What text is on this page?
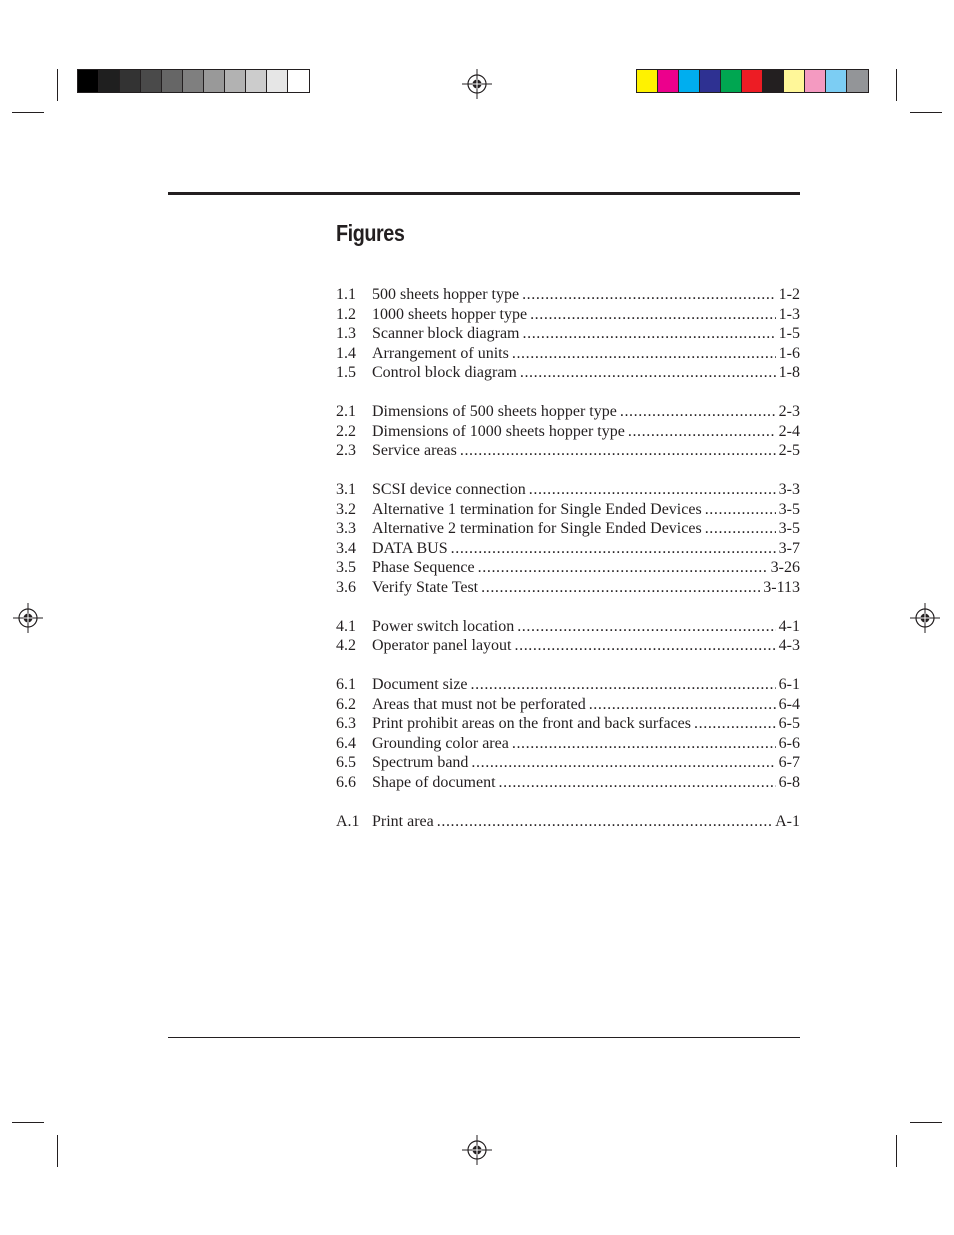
Figures
1.1	500 sheets hopper type .....	1-2
1.2	1000 sheets hopper type .....	1-3
1.3	Scanner block diagram .....	1-5
1.4	Arrangement of units .....	1-6
1.5	Control block diagram .....	1-8
2.1	Dimensions of 500 sheets hopper type .....	2-3
2.2	Dimensions of 1000 sheets hopper type .....	2-4
2.3	Service areas .....	2-5
3.1	SCSI device connection .....	3-3
3.2	Alternative 1 termination for Single Ended Devices .....	3-5
3.3	Alternative 2 termination for Single Ended Devices .....	3-5
3.4	DATA BUS .....	3-7
3.5	Phase Sequence .....	3-26
3.6	Verify State Test .....	3-113
4.1	Power switch location .....	4-1
4.2	Operator panel layout .....	4-3
6.1	Document size .....	6-1
6.2	Areas that must not be perforated .....	6-4
6.3	Print prohibit areas on the front and back surfaces .....	6-5
6.4	Grounding color area .....	6-6
6.5	Spectrum band .....	6-7
6.6	Shape of document .....	6-8
A.1 Print area .....	A-1
